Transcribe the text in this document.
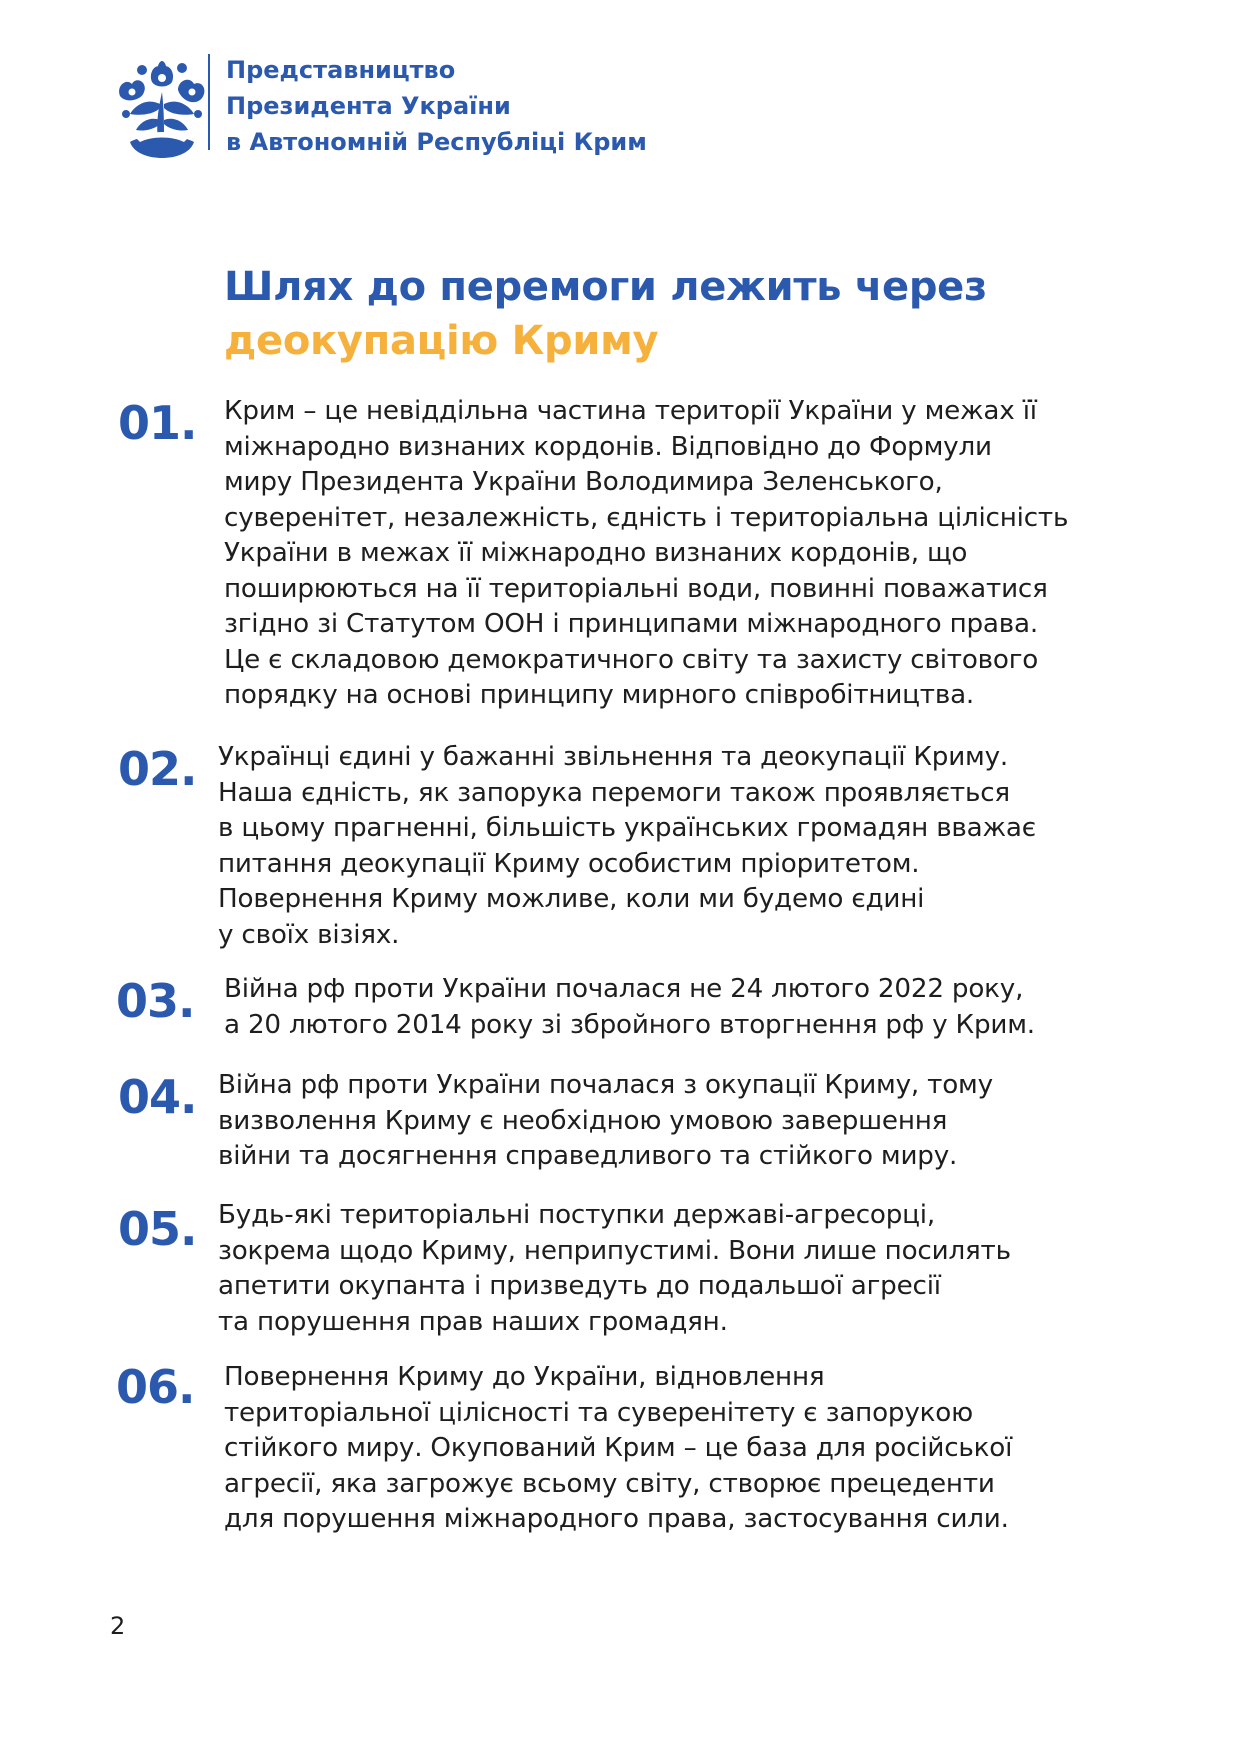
Представництво
Президента України
в Автономній Республіці Крим

Шлях до перемоги лежить через
деокупацію Криму

01. Крим – це невіддільна частина території України у межах її
міжнародно визнаних кордонів. Відповідно до Формули
миру Президента України Володимира Зеленського,
суверенітет, незалежність, єдність і територіальна цілісність
України в межах її міжнародно визнаних кордонів, що
поширюються на її територіальні води, повинні поважатися
згідно зі Статутом ООН і принципами міжнародного права.
Це є складовою демократичного світу та захисту світового
порядку на основі принципу мирного співробітництва.

02. Українці єдині у бажанні звільнення та деокупації Криму.
Наша єдність, як запорука перемоги також проявляється
в цьому прагненні, більшість українських громадян вважає
питання деокупації Криму особистим пріоритетом.
Повернення Криму можливе, коли ми будемо єдині
у своїх візіях.

03. Війна рф проти України почалася не 24 лютого 2022 року,
а 20 лютого 2014 року зі збройного вторгнення рф у Крим.

04. Війна рф проти України почалася з окупації Криму, тому
визволення Криму є необхідною умовою завершення
війни та досягнення справедливого та стійкого миру.

05. Будь-які територіальні поступки державі-агресорці,
зокрема щодо Криму, неприпустимі. Вони лише посилять
апетити окупанта і призведуть до подальшої агресії
та порушення прав наших громадян.

06. Повернення Криму до України, відновлення
територіальної цілісності та суверенітету є запорукою
стійкого миру. Окупований Крим – це база для російської
агресії, яка загрожує всьому світу, створює прецеденти
для порушення міжнародного права, застосування сили.

2
